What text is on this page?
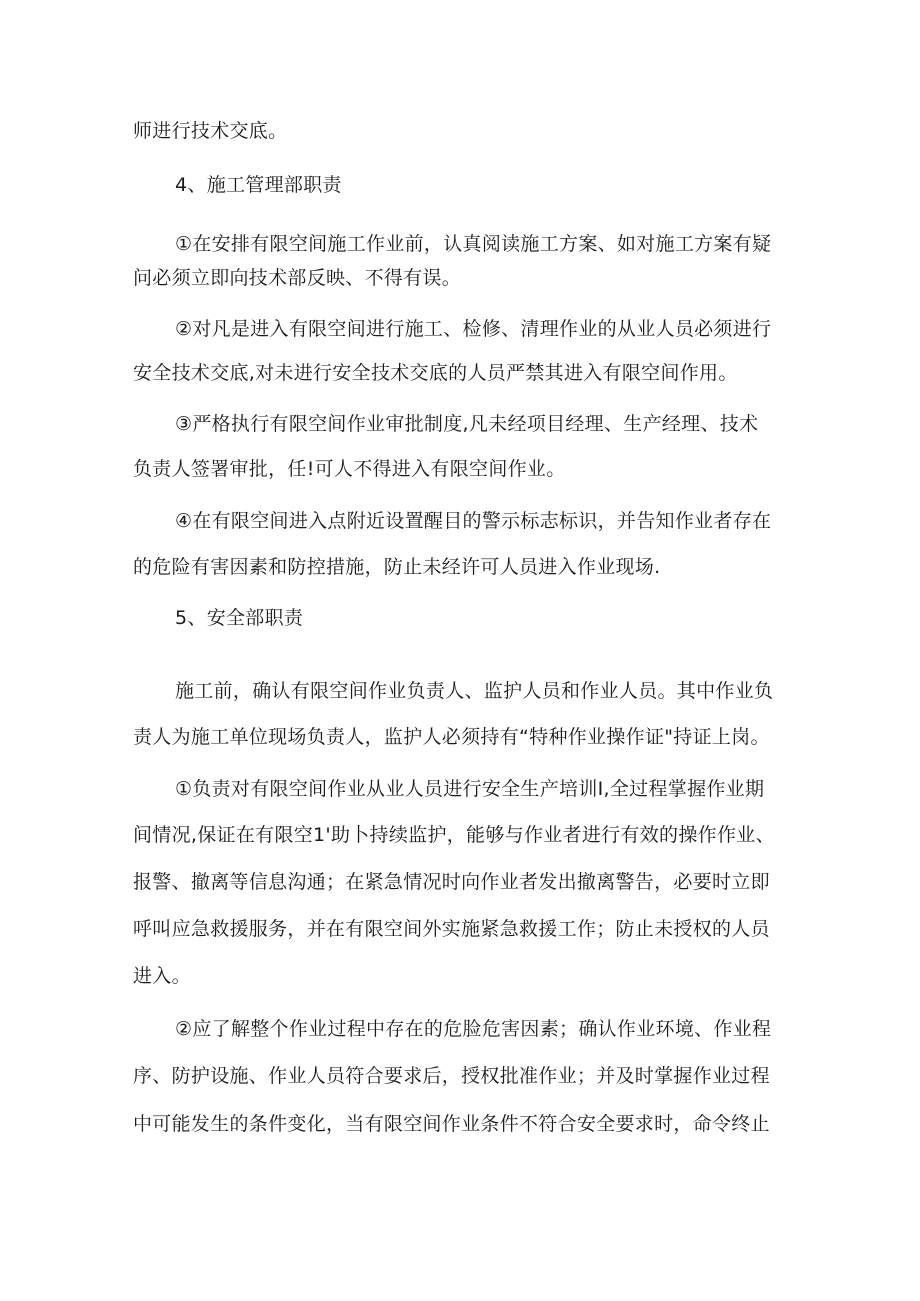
师进行技术交底。
4、施工管理部职责
①在安排有限空间施工作业前，认真阅读施工方案、如对施工方案有疑
问必须立即向技术部反映、不得有误。
②对凡是进入有限空间进行施工、检修、清理作业的从业人员必须进行
安全技术交底,对未进行安全技术交底的人员严禁其进入有限空间作用。
③严格执行有限空间作业审批制度,凡未经项目经理、生产经理、技术
负责人签署审批，任!可人不得进入有限空间作业。
④在有限空间进入点附近设置醒目的警示标志标识，并告知作业者存在
的危险有害因素和防控措施，防止未经许可人员进入作业现场.
5、安全部职责
施工前，确认有限空间作业负责人、监护人员和作业人员。其中作业负
责人为施工单位现场负责人，监护人必须持有“特种作业操作证"持证上岗。
①负责对有限空间作业从业人员进行安全生产培训I,全过程掌握作业期
间情况,保证在有限空1'助卜持续监护，能够与作业者进行有效的操作作业、
报警、撤离等信息沟通；在紧急情况时向作业者发出撤离警告，必要时立即
呼叫应急救援服务，并在有限空间外实施紧急救援工作；防止未授权的人员
进入。
②应了解整个作业过程中存在的危脸危害因素；确认作业环境、作业程
序、防护设施、作业人员符合要求后，授权批准作业；并及时掌握作业过程
中可能发生的条件变化，当有限空间作业条件不符合安全要求时，命令终止
